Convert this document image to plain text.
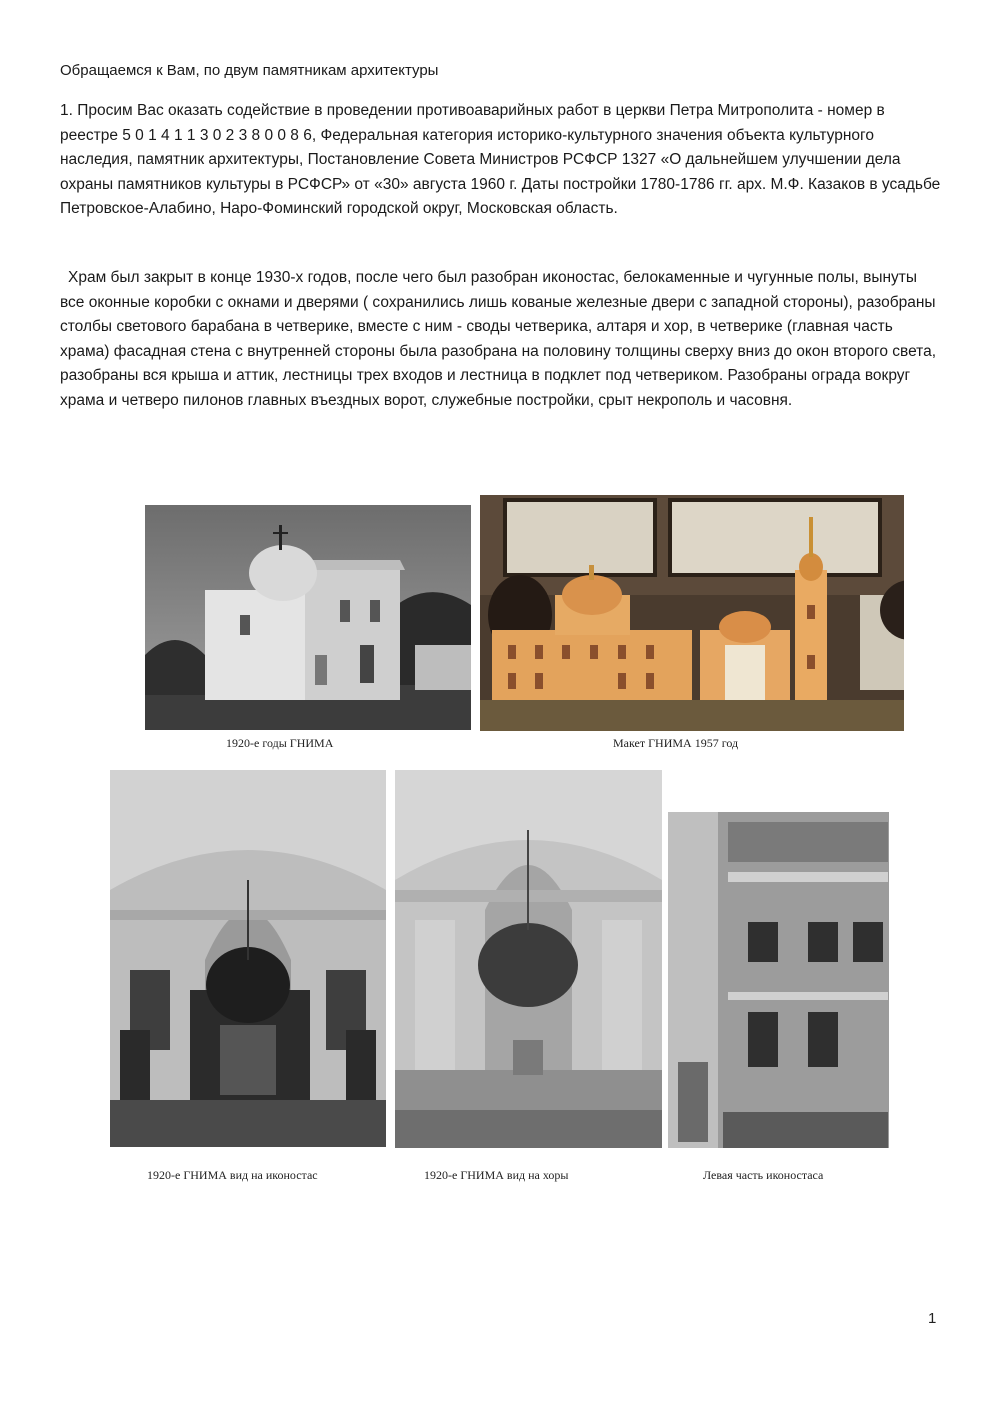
Обращаемся к Вам, по двум памятникам архитектуры

1. Просим Вас оказать содействие в проведении противоаварийных работ в церкви Петра Митрополита - номер в реестре 5 0 1 4 1 1 3 0 2 3 8 0 0 8 6, Федеральная категория историко-культурного значения объекта культурного наследия, памятник архитектуры, Постановление Совета Министров РСФСР 1327 «О дальнейшем улучшении дела охраны памятников культуры в РСФСР» от «30» августа 1960 г. Даты постройки 1780-1786 гг. арх. М.Ф. Казаков в усадьбе Петровское-Алабино, Наро-Фоминский городской округ, Московская область.

Храм был закрыт в конце 1930-х годов, после чего был разобран иконостас, белокаменные и чугунные полы, вынуты все оконные коробки с окнами и дверями ( сохранились лишь кованые железные двери с западной стороны), разобраны столбы светового барабана в четверике, вместе с ним - своды четверика, алтаря и хор, в четверике (главная часть храма) фасадная стена с внутренней стороны была разобрана на половину толщины сверху вниз до окон второго света, разобраны вся крыша и аттик, лестницы трех входов и лестница в подклет под четвериком. Разобраны ограда вокруг храма и четверо пилонов главных въездных ворот, служебные постройки, срыт некрополь и часовня.

1920-е годы ГНИМА	Макет ГНИМА 1957 год
1920-е ГНИМА вид на иконостас	1920-е ГНИМА вид на хоры	Левая часть иконостаса
1
